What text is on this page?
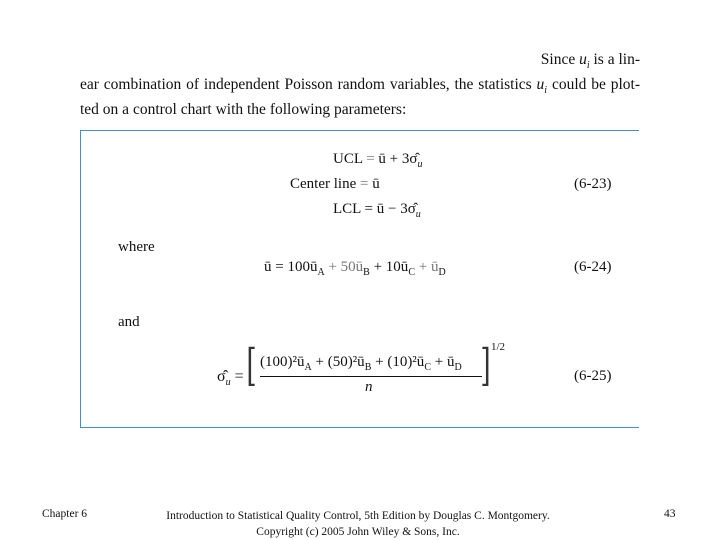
Since $u_i$ is a lin-
ear combination of independent Poisson random variables, the statistics $u_i$ could be plot-
ted on a control chart with the following parameters:
UCL = ū + $3\sigmâ_u$
Center line = ū
LCL = ū − $3\sigmâ_u$
(6-23)
where
ū = $100ū_A$ + $50ū_B$ + $10ū_C$ + $ū_D$	(6-24)
and
$\sigmâ_u$ = [ $(100)^2ū_A$ + $(50)^2ū_B$ + $(10)^2ū_C$ + $ū_D$
n ] 1/2
(6-25)
Chapter 6	Introduction to Statistical Quality Control, 5th Edition by Douglas C. Montgomery.
Copyright (c) 2005 John Wiley & Sons, Inc.
43
